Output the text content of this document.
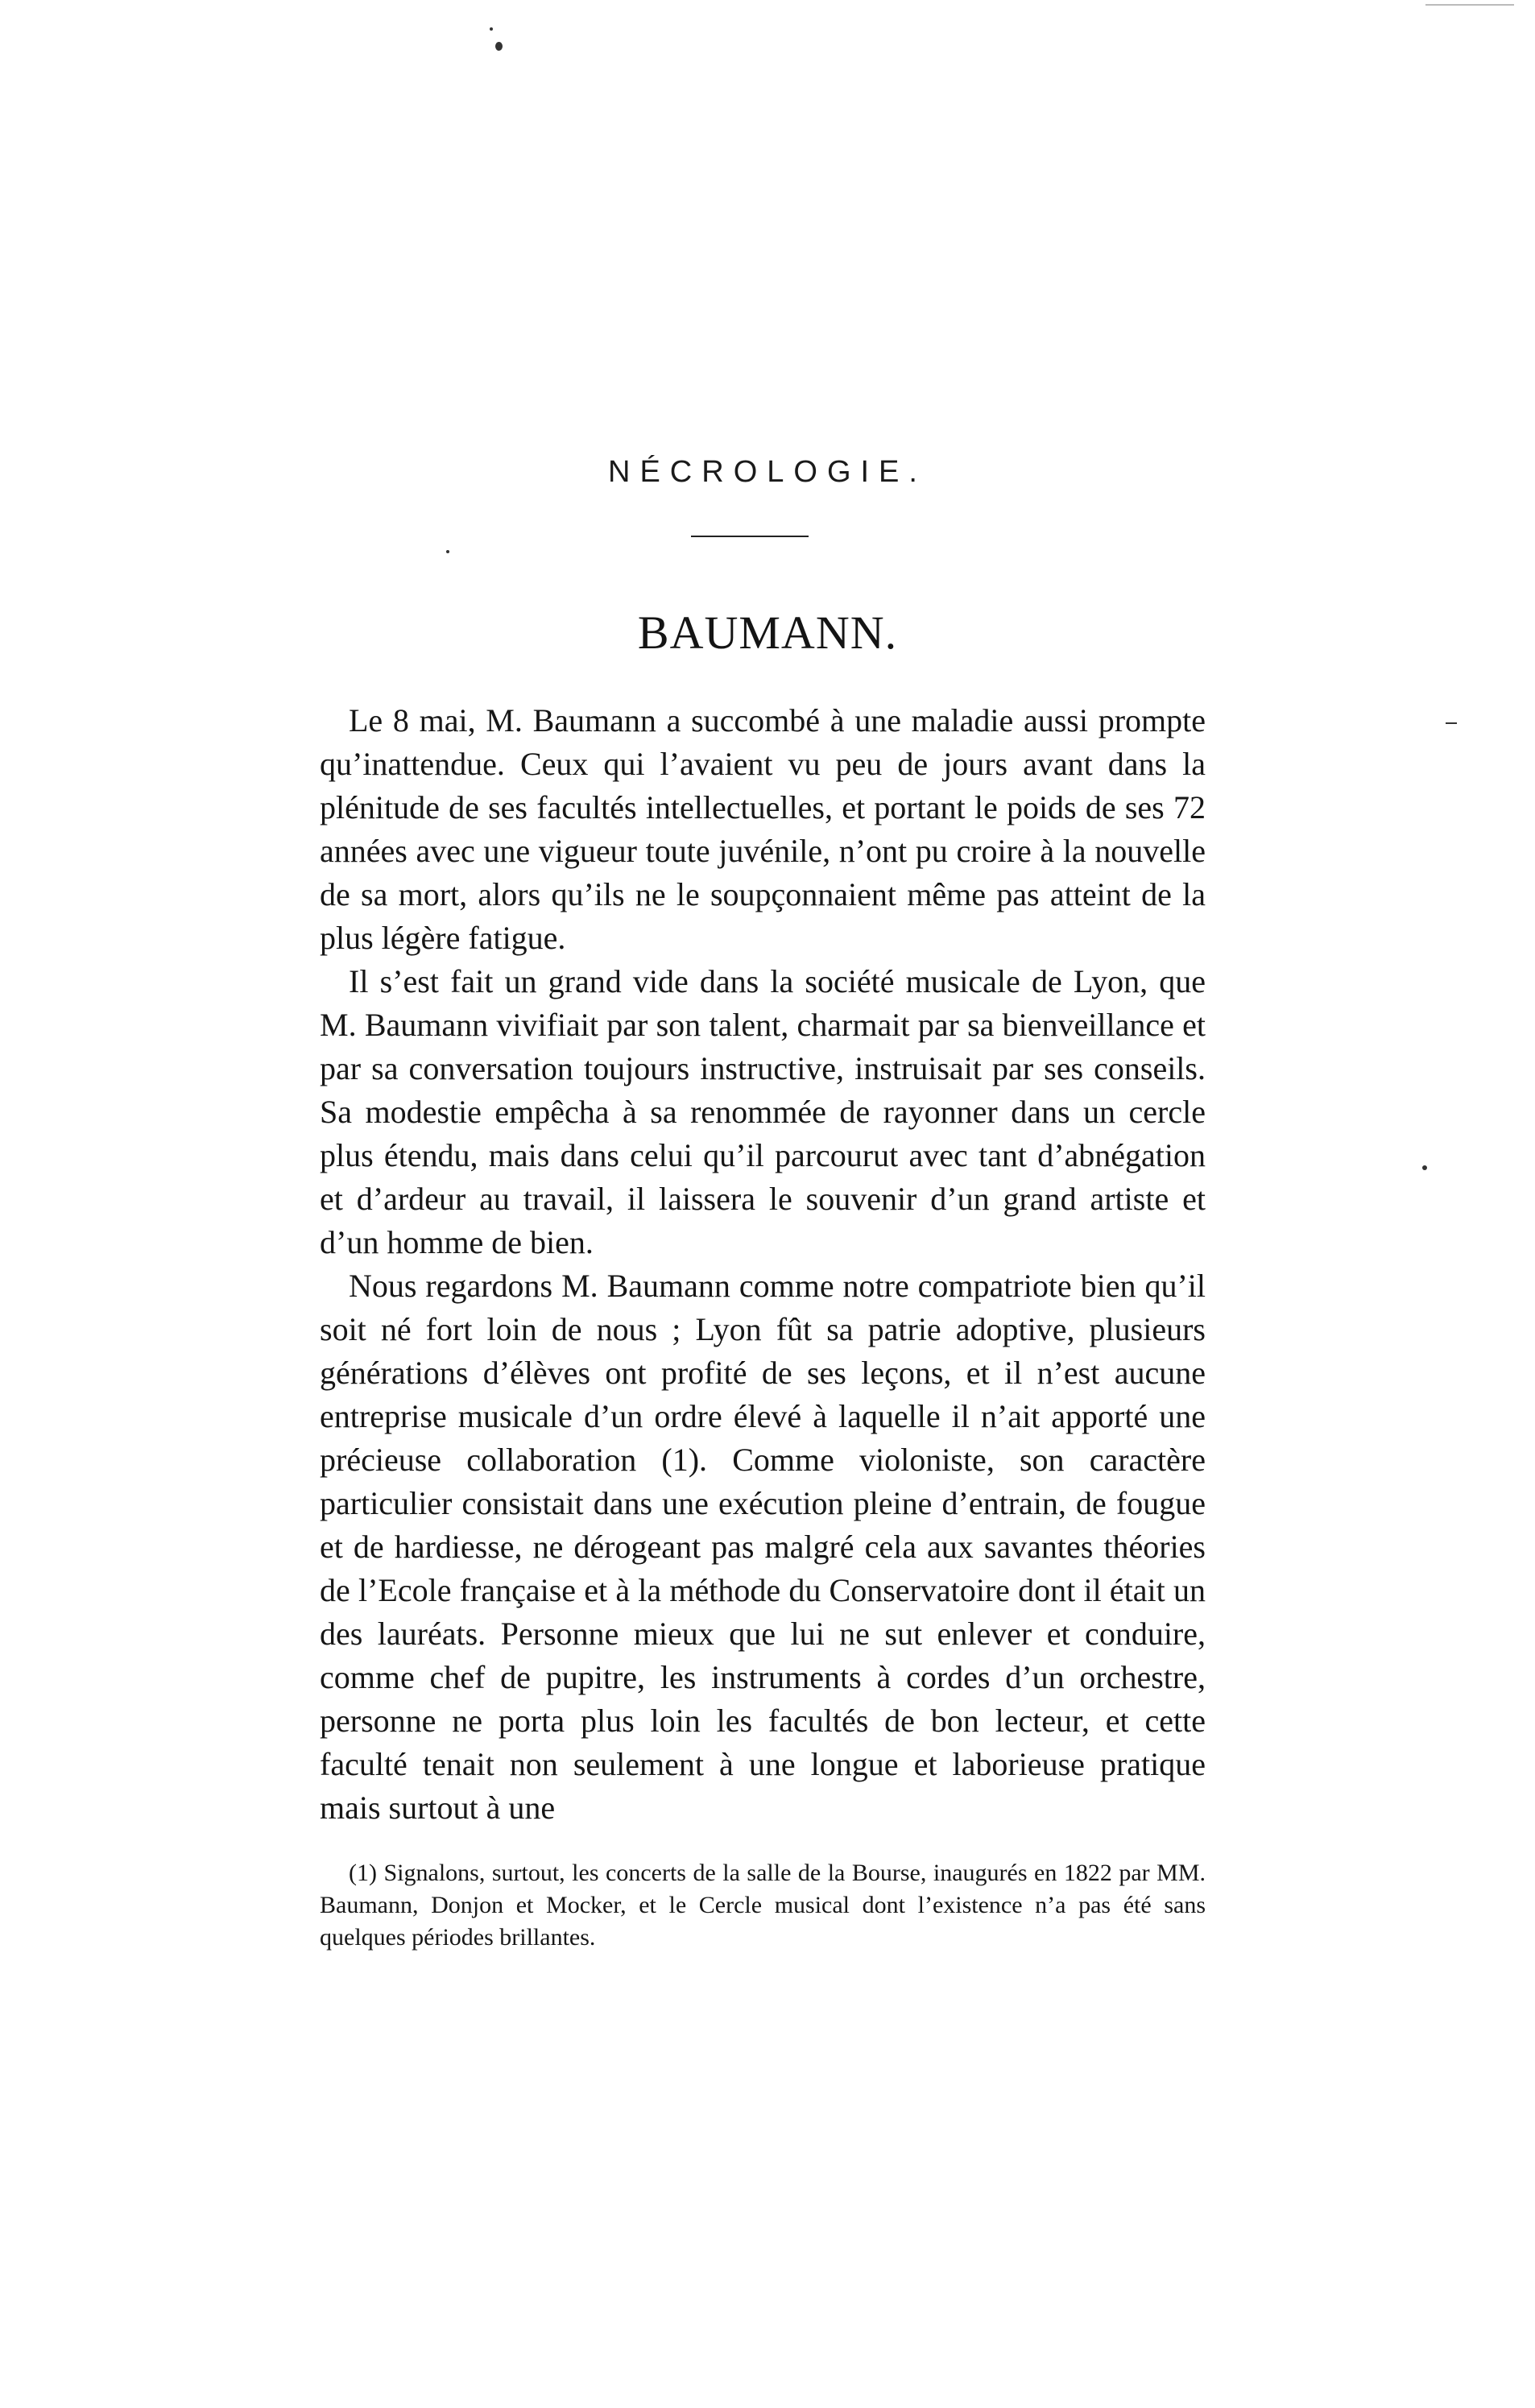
NÉCROLOGIE.
BAUMANN.

Le 8 mai, M. Baumann a succombé à une maladie aussi prompte qu’inattendue. Ceux qui l’avaient vu peu de jours avant dans la plénitude de ses facultés intellectuelles, et portant le poids de ses 72 années avec une vigueur toute juvénile, n’ont pu croire à la nouvelle de sa mort, alors qu’ils ne le soupçonnaient même pas atteint de la plus légère fatigue.

Il s’est fait un grand vide dans la société musicale de Lyon, que M. Baumann vivifiait par son talent, charmait par sa bienveillance et par sa conversation toujours instructive, instruisait par ses conseils. Sa modestie empêcha à sa renommée de rayonner dans un cercle plus étendu, mais dans celui qu’il parcourut avec tant d’abnégation et d’ardeur au travail, il laissera le souvenir d’un grand artiste et d’un homme de bien.

Nous regardons M. Baumann comme notre compatriote bien qu’il soit né fort loin de nous ; Lyon fût sa patrie adoptive, plusieurs générations d’élèves ont profité de ses leçons, et il n’est aucune entreprise musicale d’un ordre élevé à laquelle il n’ait apporté une précieuse collaboration (1). Comme violoniste, son caractère particulier consistait dans une exécution pleine d’entrain, de fougue et de hardiesse, ne dérogeant pas malgré cela aux savantes théories de l’Ecole française et à la méthode du Conservatoire dont il était un des lauréats. Personne mieux que lui ne sut enlever et conduire, comme chef de pupitre, les instruments à cordes d’un orchestre, personne ne porta plus loin les facultés de bon lecteur, et cette faculté tenait non seulement à une longue et laborieuse pratique mais surtout à une

(1) Signalons, surtout, les concerts de la salle de la Bourse, inaugurés en 1822 par MM. Baumann, Donjon et Mocker, et le Cercle musical dont l’existence n’a pas été sans quelques périodes brillantes.
